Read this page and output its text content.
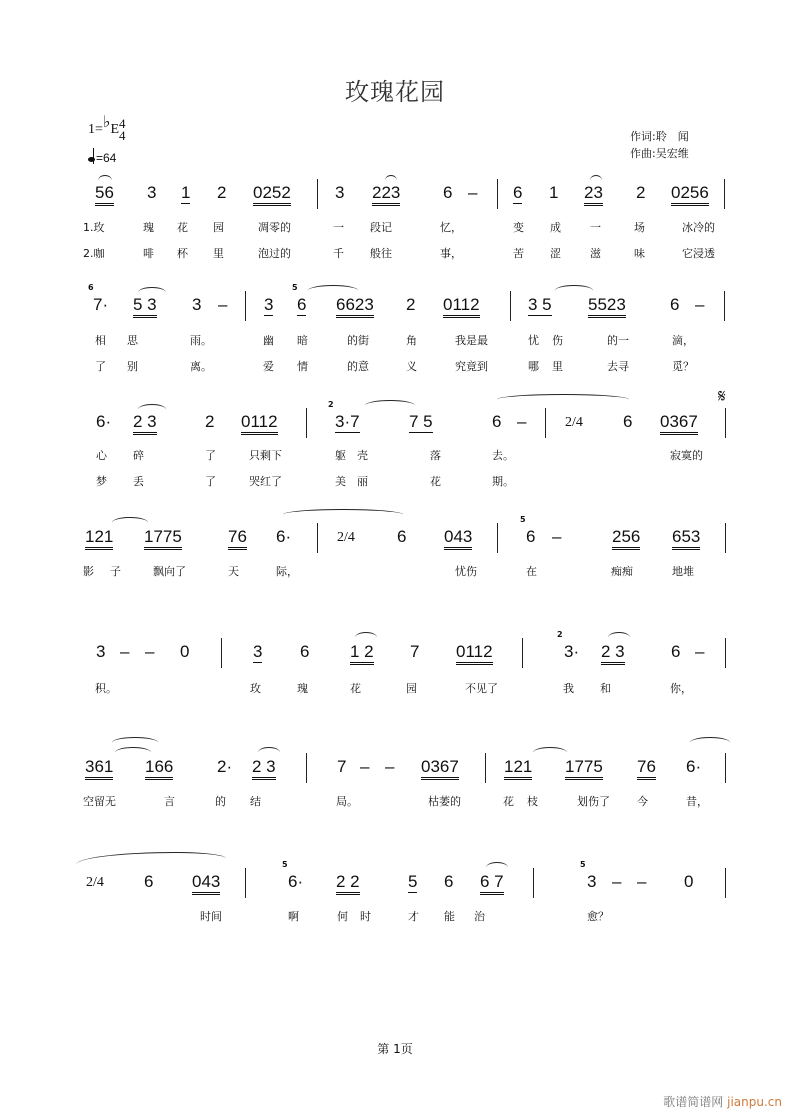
玫瑰花园
1=♭E4
4
=64
作词:聆　闻
作曲:吴宏维
56 3 1 2 0252	3 223	6 – 6 1 23 2 0256
1.玫	瑰 花 园	凋零的	一 段记	忆，	变 成	一	场	冰冷的
2.咖	啡 杯 里	泡过的	千 般往	事，	苦 涩	滋	味	它浸透
6
7· 5 3 3 – 3
5
6 6623 2 0112	3 5 5523	6 –
相 思	雨。	幽 暗	的街	角	我是最	忧 伤	的一	滴，
了 别	离。	爱 情	的意	义	究竟到	哪 里	去寻	觅？
𝄋
6· 2 3	2 0112
2
3·7	7 5	6 –	2/4 6 0367
心 碎	了	只剩下	躯 壳	落	去。	寂寞的
梦 丢	了	哭红了	美 丽	花	期。
121 1775	76 6·	2/4 6 043
5
6 –	256 653
影 子	飘向了	天	际，	忧伤	在	痴痴	地堆
3 – – 0	3 6 1 2 7 0112
2
3· 2 3	6 –
积。	玫	瑰	花	园	不见了	我 和	你，
361 166	2· 2 3	7 – – 0367	121 1775 76 6·
空留无	言	的 结	局。	枯萎的	花 枝	划伤了 今	昔，
2/4 6 043
5
6· 2 2	5 6 6 7
5
3 – – 0
时间	啊	何 时	才 能 治	愈？
第 1页
歌谱简谱网 jianpu.cn
